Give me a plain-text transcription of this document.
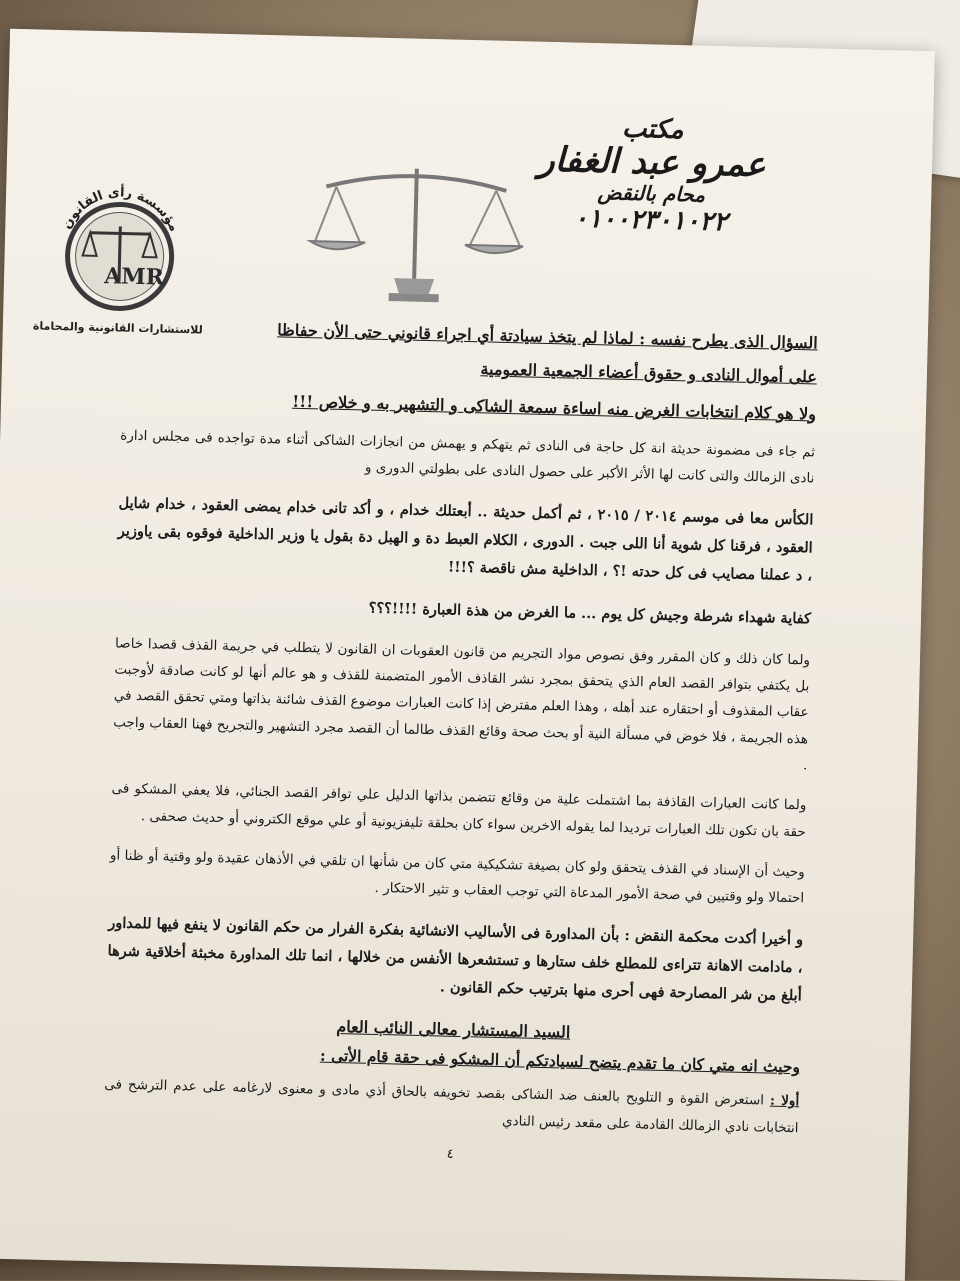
مؤسسة رأى القانون
AMR
للاستشارات القانونية والمحاماة
مكتب
عمرو عبد الغفار
محام بالنقض
٠١٠٠٢٣٠١٠٢٢

السؤال الذى يطرح نفسه : لماذا لم يتخذ سيادتة أي اجراء قانوني حتى الأن حفاظا

على أموال النادى و حقوق أعضاء الجمعية العمومية

ولا هو كلام انتخابات الغرض منه اساءة سمعة الشاكى و التشهير به و خلاص !!!

ثم جاء فى مضمونة حديثة انة كل حاجة فى النادى ثم يتهكم و يهمش من انجازات الشاكى أثناء مدة تواجده فى مجلس ادارة نادى الزمالك والتى كانت لها الأثر الأكبر على حصول النادى على بطولتي الدورى و

الكأس معا فى موسم ٢٠١٤ / ٢٠١٥ ، ثم أكمل حديثة .. أبعتلك خدام ، و أكد تانى خدام يمضى العقود ، خدام شايل العقود ، فرقنا كل شوية أنا اللى جبت . الدورى ، الكلام العبط دة و الهبل دة بقول يا وزير الداخلية فوقوه بقى ياوزير ، د عملنا مصايب فى كل حدته !؟ ، الداخلية مش ناقصة ؟!!!

كفاية شهداء شرطة وجيش كل يوم ... ما الغرض من هذة العبارة !!!!؟؟؟

ولما كان ذلك و كان المقرر وفق نصوص مواد التجريم من قانون العقوبات ان القانون لا يتطلب في جريمة القذف قصدا خاصا بل يكتفي بتوافر القصد العام الذي يتحقق بمجرد نشر القاذف الأمور المتضمنة للقذف و هو عالم أنها لو كانت صادقة لأوجبت عقاب المقذوف أو احتقاره عند أهله ، وهذا العلم مفترض إذا كانت العبارات موضوع القذف شائنة بذاتها ومتي تحقق القصد في هذه الجريمة ، فلا خوض في مسألة النية أو بحث صحة وقائع القذف طالما أن القصد مجرد التشهير والتجريح فهنا العقاب واجب .

ولما كانت العبارات القاذفة بما اشتملت علية من وقائع تتضمن بذاتها الدليل علي توافر القصد الجنائي، فلا يعفي المشكو فى حقة بان تكون تلك العبارات ترديدا لما يقوله الاخرين سواء كان بحلقة تليفزيونية أو علي موقع الكتروني أو حديث صحفى .

وحيث أن الإسناد في القذف يتحقق ولو كان بصيغة تشكيكية متي كان من شأنها ان تلقي في الأذهان عقيدة ولو وقتية أو ظنا أو احتمالا ولو وقتيين في صحة الأمور المدعاة التي توجب العقاب و تثير الاحتكار .

و أخيرا أكدت محكمة النقض : بأن المداورة فى الأساليب الانشائية بفكرة الفرار من حكم القانون لا ينفع فيها للمداور ، مادامت الاهانة تتراءى للمطلع خلف ستارها و تستشعرها الأنفس من خلالها ، انما تلك المداورة مخبثة أخلاقية شرها أبلغ من شر المصارحة فهى أحرى منها بترتيب حكم القانون .

السيد المستشار معالى النائب العام
وحيث انه متي كان ما تقدم يتضح لسيادتكم أن المشكو فى حقة قام الأتى :

أولا : استعرض القوة و التلويح بالعنف ضد الشاكى بقصد تخويفه بالحاق أذي مادى و معنوى لارغامه على عدم الترشح فى انتخابات نادي الزمالك القادمة على مقعد رئيس النادي

٤
